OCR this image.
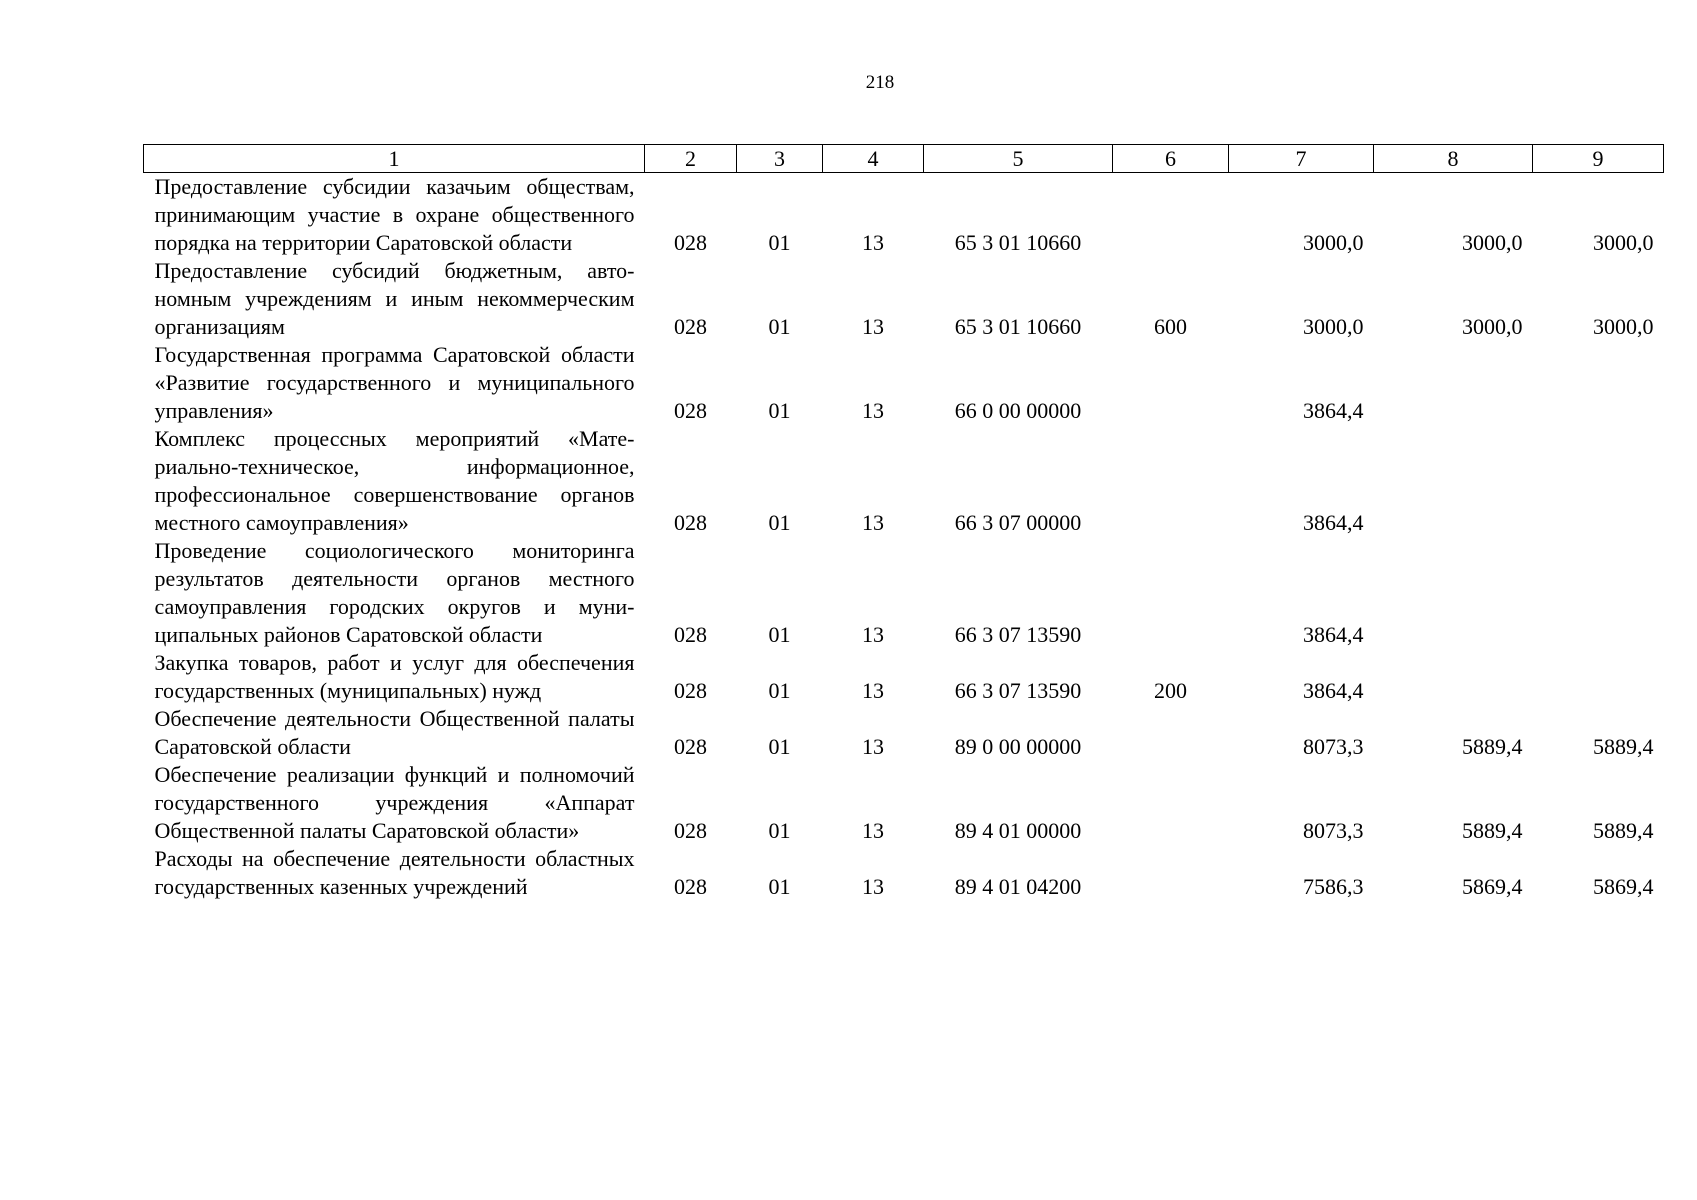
218
1	2	3	4	5	6	7	8	9
Предоставление субсидии казачьим обществам, принимающим участие в охране общественного порядка на территории Саратовской области	028	01	13	65 3 01 10660		3000,0	3000,0	3000,0
Предоставление субсидий бюджетным, автономным учреждениям и иным некоммерческим организациям	028	01	13	65 3 01 10660	600	3000,0	3000,0	3000,0
Государственная программа Саратовской области «Развитие государственного и муниципального управления»	028	01	13	66 0 00 00000		3864,4		
Комплекс процессных мероприятий «Материально-техническое, информационное, профессиональное совершенствование органов местного самоуправления»	028	01	13	66 3 07 00000		3864,4		
Проведение социологического мониторинга результатов деятельности органов местного самоуправления городских округов и муниципальных районов Саратовской области	028	01	13	66 3 07 13590		3864,4		
Закупка товаров, работ и услуг для обеспечения государственных (муниципальных) нужд	028	01	13	66 3 07 13590	200	3864,4		
Обеспечение деятельности Общественной палаты Саратовской области	028	01	13	89 0 00 00000		8073,3	5889,4	5889,4
Обеспечение реализации функций и полномочий государственного учреждения «Аппарат Общественной палаты Саратовской области»	028	01	13	89 4 01 00000		8073,3	5889,4	5889,4
Расходы на обеспечение деятельности областных государственных казенных учреждений	028	01	13	89 4 01 04200		7586,3	5869,4	5869,4
